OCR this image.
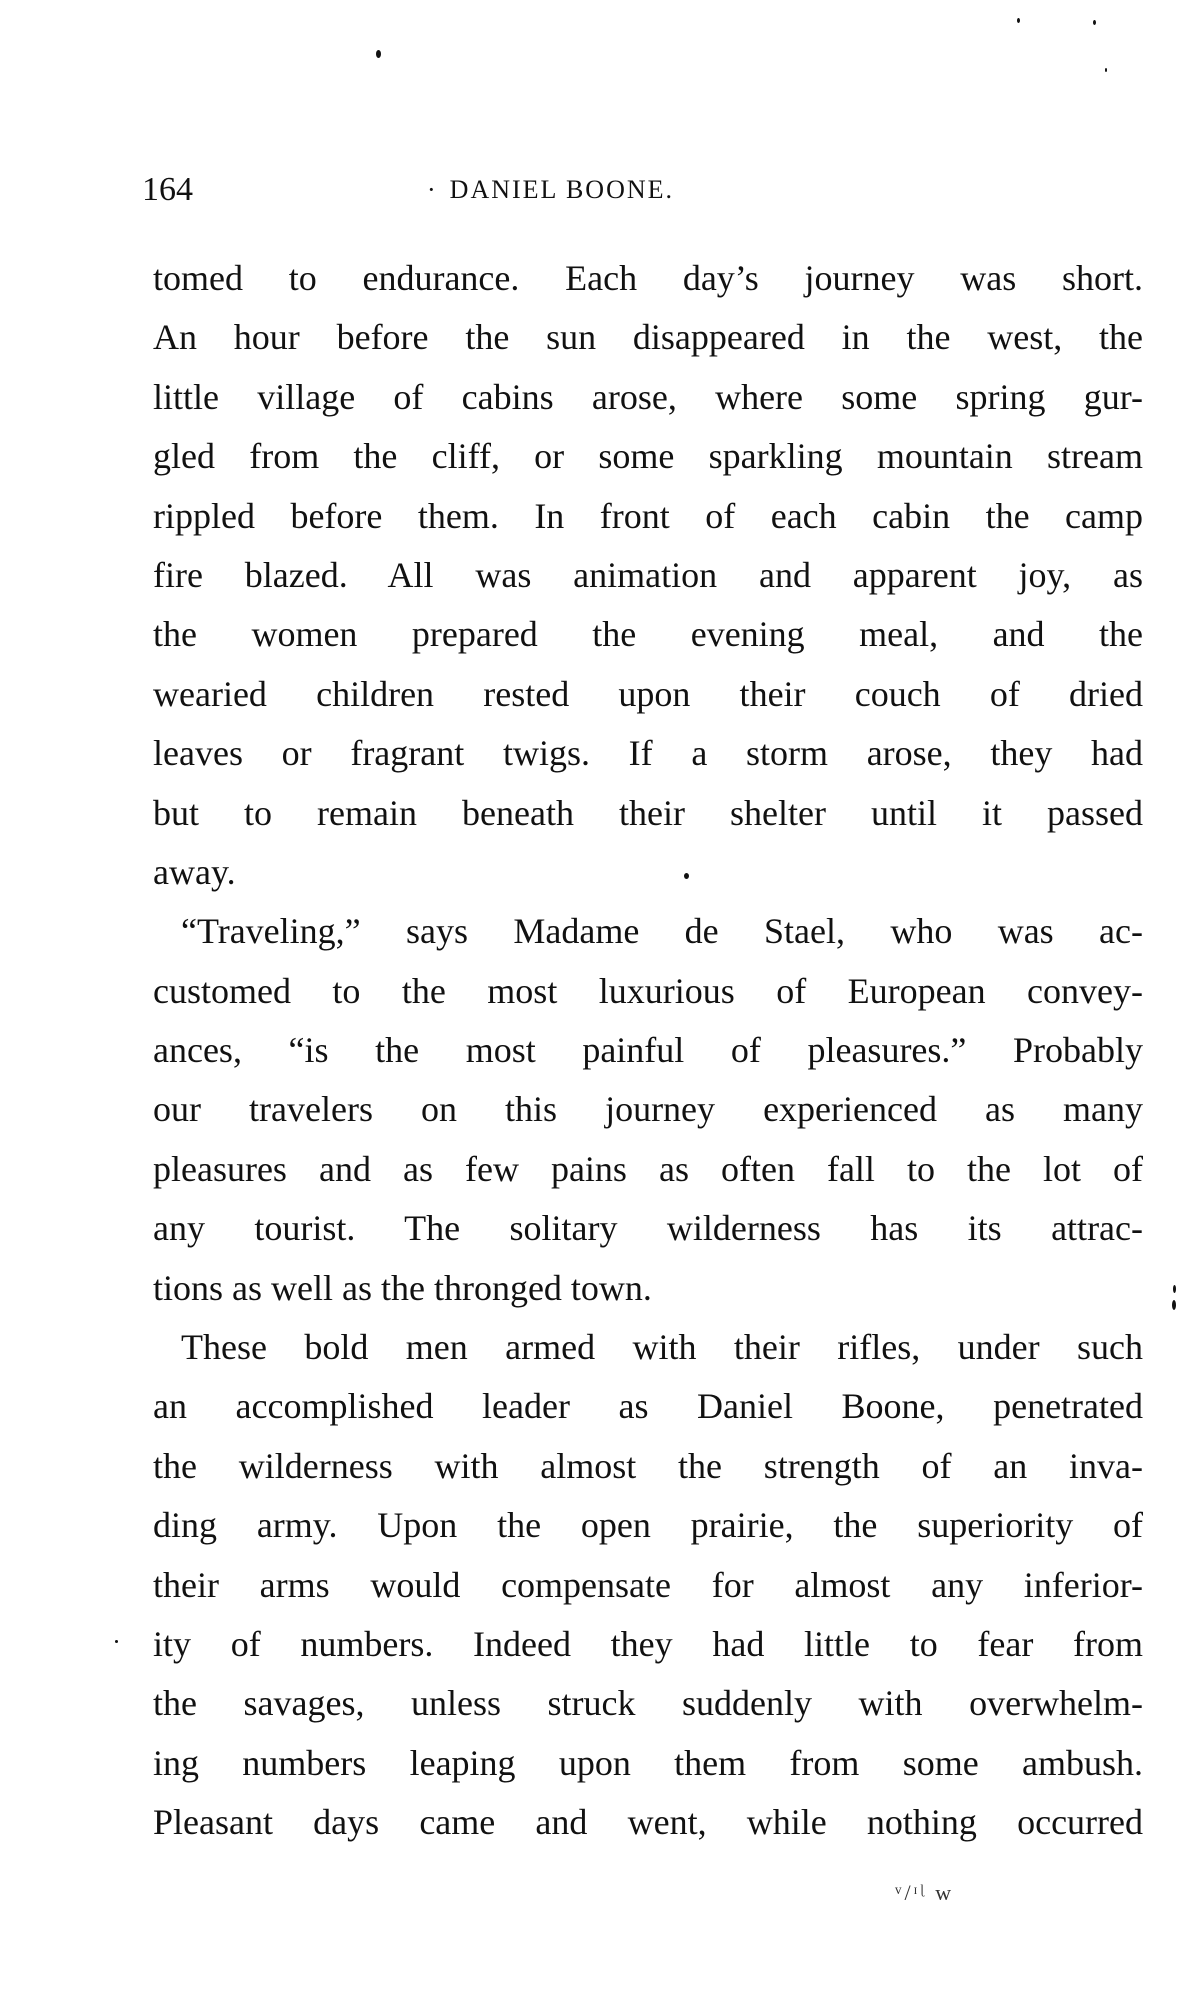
164	· DANIEL BOONE.
tomed to endurance. Each day’s journey was short.
An hour before the sun disappeared in the west, the
little village of cabins arose, where some spring gur-
gled from the cliff, or some sparkling mountain stream
rippled before them. In front of each cabin the camp
fire blazed. All was animation and apparent joy, as
the women prepared the evening meal, and the
wearied children rested upon their couch of dried
leaves or fragrant twigs. If a storm arose, they had
but to remain beneath their shelter until it passed
away.
“Traveling,” says Madame de Stael, who was ac-
customed to the most luxurious of European convey-
ances, “is the most painful of pleasures.” Probably
our travelers on this journey experienced as many
pleasures and as few pains as often fall to the lot of
any tourist. The solitary wilderness has its attrac-
tions as well as the thronged town.
These bold men armed with their rifles, under such
an accomplished leader as Daniel Boone, penetrated
the wilderness with almost the strength of an inva-
ding army. Upon the open prairie, the superiority of
their arms would compensate for almost any inferior-
ity of numbers. Indeed they had little to fear from
the savages, unless struck suddenly with overwhelm-
ing numbers leaping upon them from some ambush.
Pleasant days came and went, while nothing occurred
ᵛ/ᶦᶩ ᴡ
